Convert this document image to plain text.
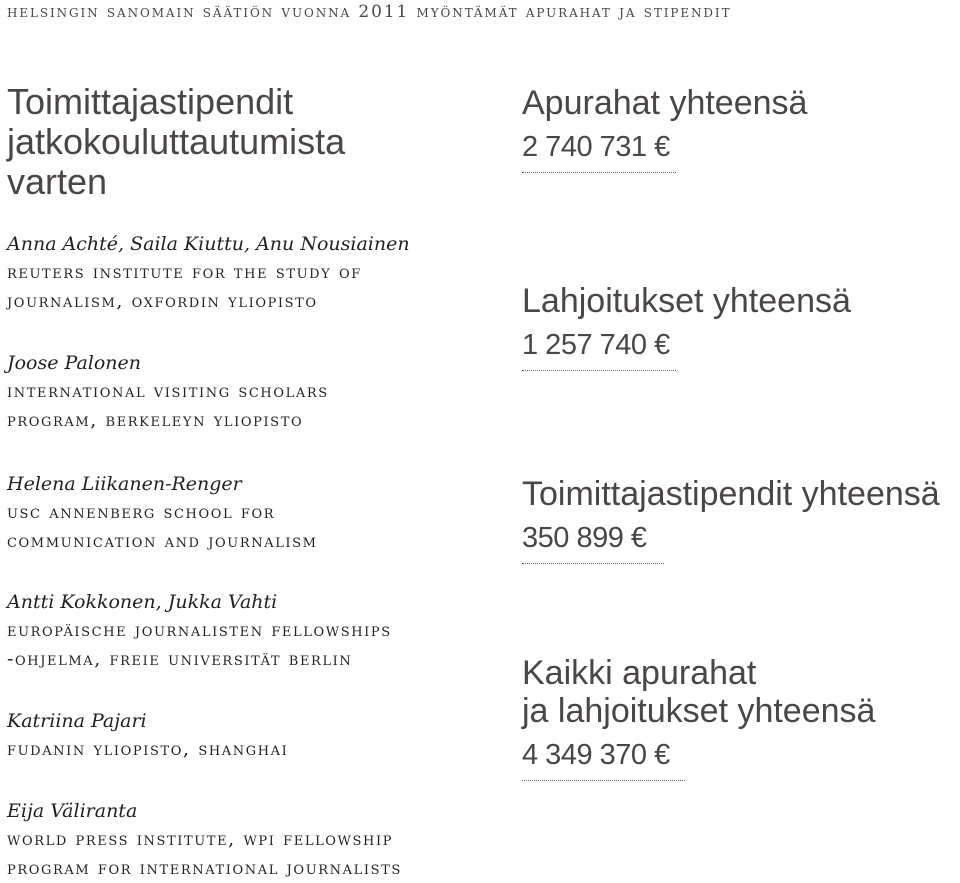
helsingin sanomain säätiön vuonna 2011 myöntämät apurahat ja stipendit
Toimittajastipendit
jatkokouluttautumista
varten
Anna Achté, Saila Kiuttu, Anu Nousiainen
reuters institute for the study of
journalism, oxfordin yliopisto
Joose Palonen
international visiting scholars
program, berkeleyn yliopisto
Helena Liikanen-Renger
usc annenberg school for
communication and journalism
Antti Kokkonen, Jukka Vahti
europäische journalisten fellowships
-ohjelma, freie universität berlin
Katriina Pajari
fudanin yliopisto, shanghai
Eija Väliranta
world press institute, wpi fellowship
program for international journalists
Apurahat yhteensä
2 740 731 €
Lahjoitukset yhteensä
1 257 740 €
Toimittajastipendit yhteensä
350 899 €
Kaikki apurahat
ja lahjoitukset yhteensä
4 349 370 €
